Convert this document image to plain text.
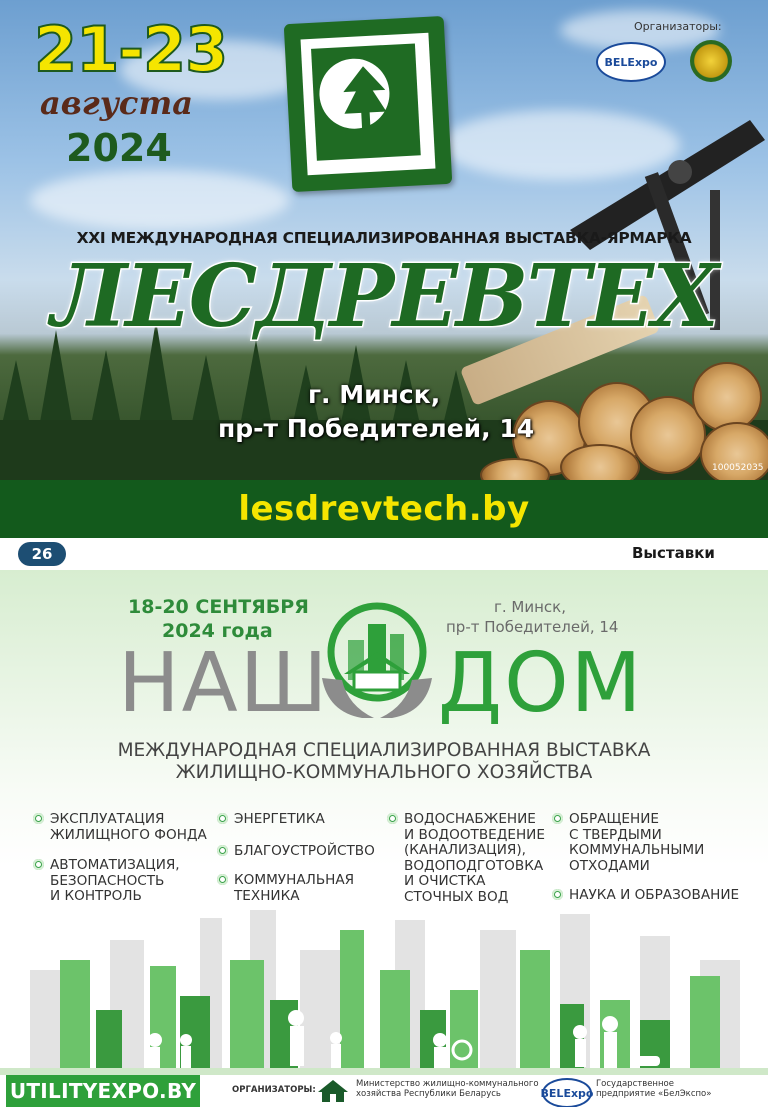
21-23
августа
2024
Организаторы:
BELExpo
XXI МЕЖДУНАРОДНАЯ СПЕЦИАЛИЗИРОВАННАЯ ВЫСТАВКА-ЯРМАРКА
ЛЕСДРЕВТЕХ
г. Минск,
пр-т Победителей, 14
100052035
lesdrevtech.by
26	Выставки
18-20 СЕНТЯБРЯ
2024 года
г. Минск,
пр-т Победителей, 14
НАШ ДОМ
МЕЖДУНАРОДНАЯ СПЕЦИАЛИЗИРОВАННАЯ ВЫСТАВКА
ЖИЛИЩНО-КОММУНАЛЬНОГО ХОЗЯЙСТВА
ЭКСПЛУАТАЦИЯ
ЖИЛИЩНОГО ФОНДА
АВТОМАТИЗАЦИЯ,
БЕЗОПАСНОСТЬ
И КОНТРОЛЬ
ЭНЕРГЕТИКА
БЛАГОУСТРОЙСТВО
КОММУНАЛЬНАЯ
ТЕХНИКА
ВОДОСНАБЖЕНИЕ
И ВОДООТВЕДЕНИЕ
(КАНАЛИЗАЦИЯ),
ВОДОПОДГОТОВКА
И ОЧИСТКА
СТОЧНЫХ ВОД
ОБРАЩЕНИЕ
С ТВЕРДЫМИ
КОММУНАЛЬНЫМИ
ОТХОДАМИ
НАУКА И ОБРАЗОВАНИЕ
UTILITYEXPO.BY	ОРГАНИЗАТОРЫ:
Министерство жилищно-коммунального
хозяйства Республики Беларусь	BELExpo
Государственное
предприятие «БелЭкспо»
